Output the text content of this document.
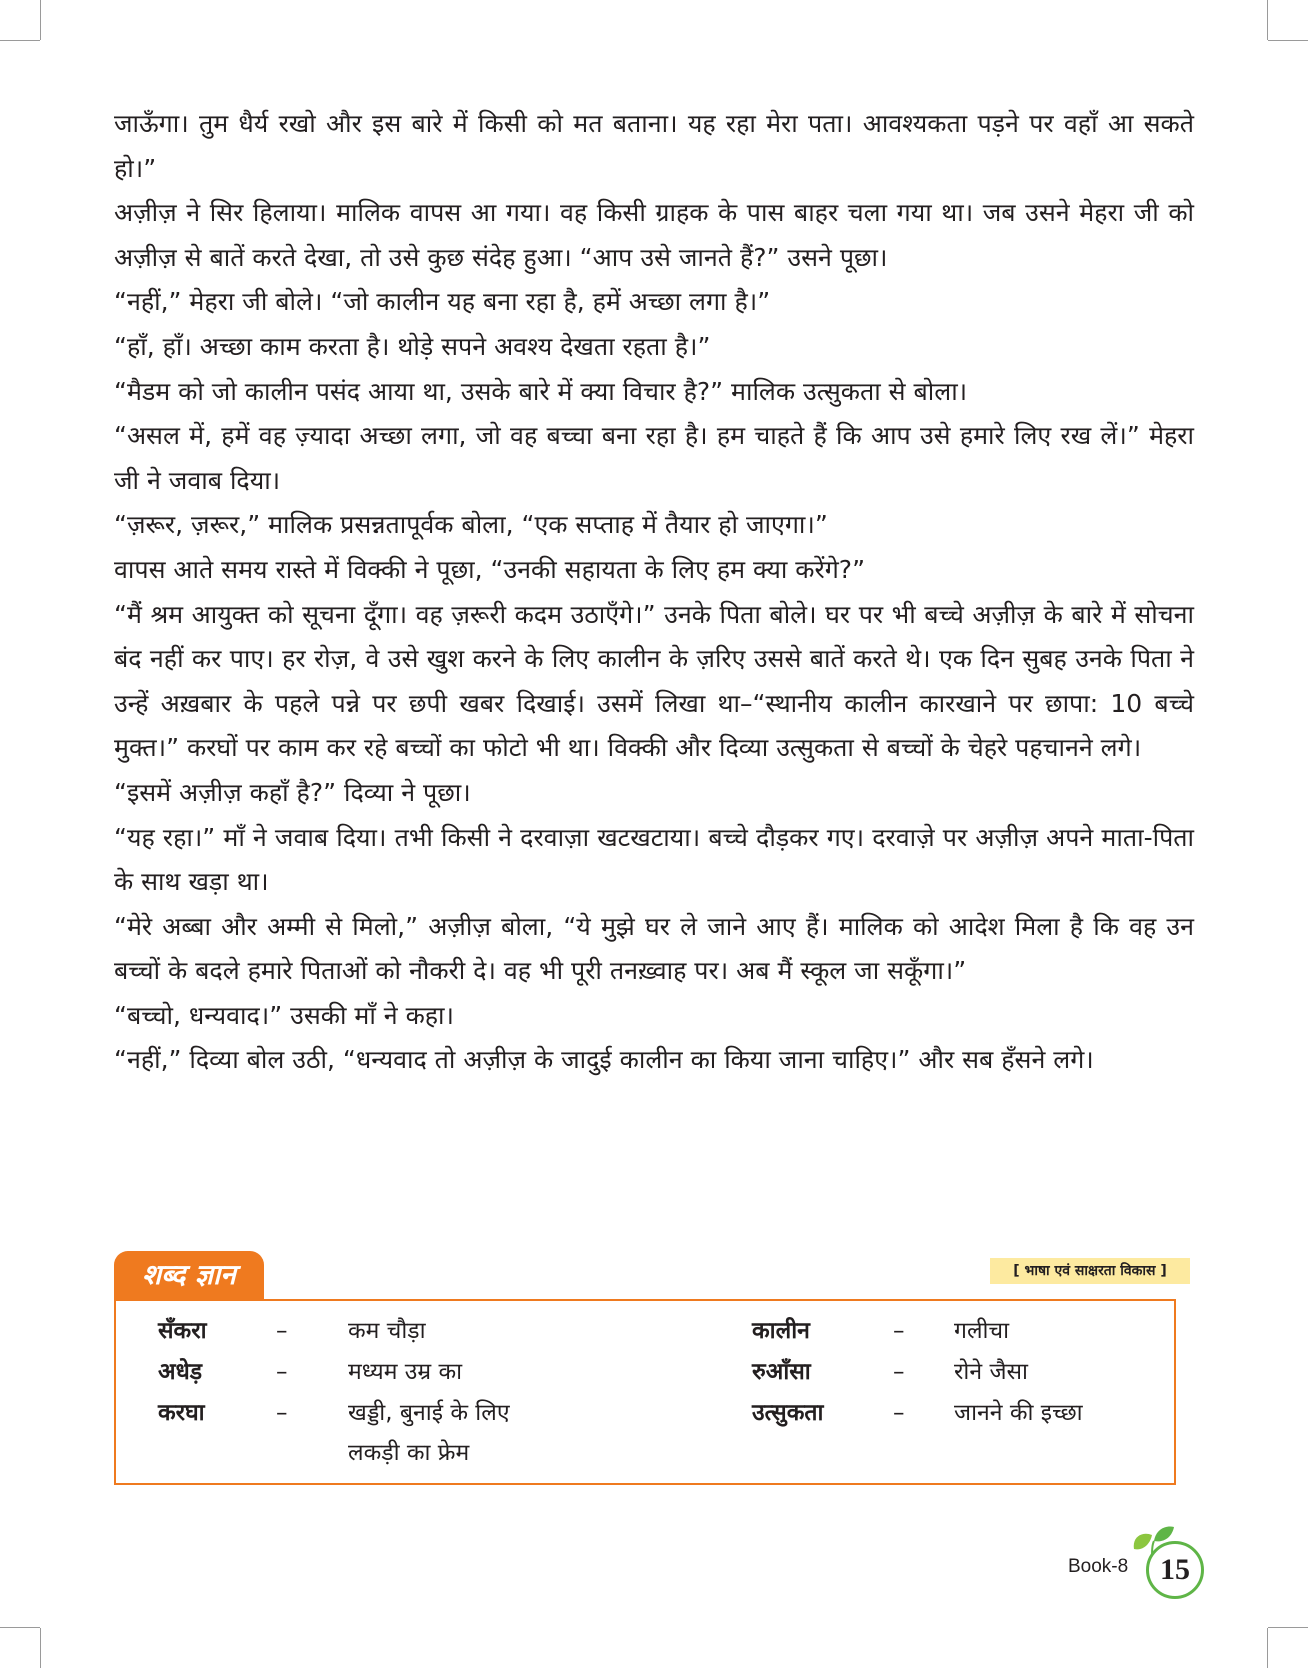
जाऊँगा। तुम धैर्य रखो और इस बारे में किसी को मत बताना। यह रहा मेरा पता। आवश्यकता पड़ने पर वहाँ आ सकते हो।”

अज़ीज़ ने सिर हिलाया। मालिक वापस आ गया। वह किसी ग्राहक के पास बाहर चला गया था। जब उसने मेहरा जी को अज़ीज़ से बातें करते देखा, तो उसे कुछ संदेह हुआ। “आप उसे जानते हैं?” उसने पूछा।

“नहीं,” मेहरा जी बोले। “जो कालीन यह बना रहा है, हमें अच्छा लगा है।”

“हाँ, हाँ। अच्छा काम करता है। थोड़े सपने अवश्य देखता रहता है।”

“मैडम को जो कालीन पसंद आया था, उसके बारे में क्या विचार है?” मालिक उत्सुकता से बोला।

“असल में, हमें वह ज़्यादा अच्छा लगा, जो वह बच्चा बना रहा है। हम चाहते हैं कि आप उसे हमारे लिए रख लें।” मेहरा जी ने जवाब दिया।

“ज़रूर, ज़रूर,” मालिक प्रसन्नतापूर्वक बोला, “एक सप्ताह में तैयार हो जाएगा।”

वापस आते समय रास्ते में विक्की ने पूछा, “उनकी सहायता के लिए हम क्या करेंगे?”

“मैं श्रम आयुक्त को सूचना दूँगा। वह ज़रूरी कदम उठाएँगे।” उनके पिता बोले। घर पर भी बच्चे अज़ीज़ के बारे में सोचना बंद नहीं कर पाए। हर रोज़, वे उसे खुश करने के लिए कालीन के ज़रिए उससे बातें करते थे। एक दिन सुबह उनके पिता ने उन्हें अख़बार के पहले पन्ने पर छपी खबर दिखाई। उसमें लिखा था–“स्थानीय कालीन कारखाने पर छापा: 10 बच्चे मुक्त।” करघों पर काम कर रहे बच्चों का फोटो भी था। विक्की और दिव्या उत्सुकता से बच्चों के चेहरे पहचानने लगे।

“इसमें अज़ीज़ कहाँ है?” दिव्या ने पूछा।

“यह रहा।” माँ ने जवाब दिया। तभी किसी ने दरवाज़ा खटखटाया। बच्चे दौड़कर गए। दरवाज़े पर अज़ीज़ अपने माता-पिता के साथ खड़ा था।

“मेरे अब्बा और अम्मी से मिलो,” अज़ीज़ बोला, “ये मुझे घर ले जाने आए हैं। मालिक को आदेश मिला है कि वह उन बच्चों के बदले हमारे पिताओं को नौकरी दे। वह भी पूरी तनख़्वाह पर। अब मैं स्कूल जा सकूँगा।”

“बच्चो, धन्यवाद।” उसकी माँ ने कहा।

“नहीं,” दिव्या बोल उठी, “धन्यवाद तो अज़ीज़ के जादुई कालीन का किया जाना चाहिए।” और सब हँसने लगे।

शब्द ज्ञान	[ भाषा एवं साक्षरता विकास ]
सँकरा	–	कम चौड़ा	कालीन	– गलीचा
अधेड़	–	मध्यम उम्र का	रुआँसा	– रोने जैसा
करघा	–	खड्डी, बुनाई के लिए	उत्सुकता	– जानने की इच्छा
लकड़ी का फ्रेम
Book-8	15
